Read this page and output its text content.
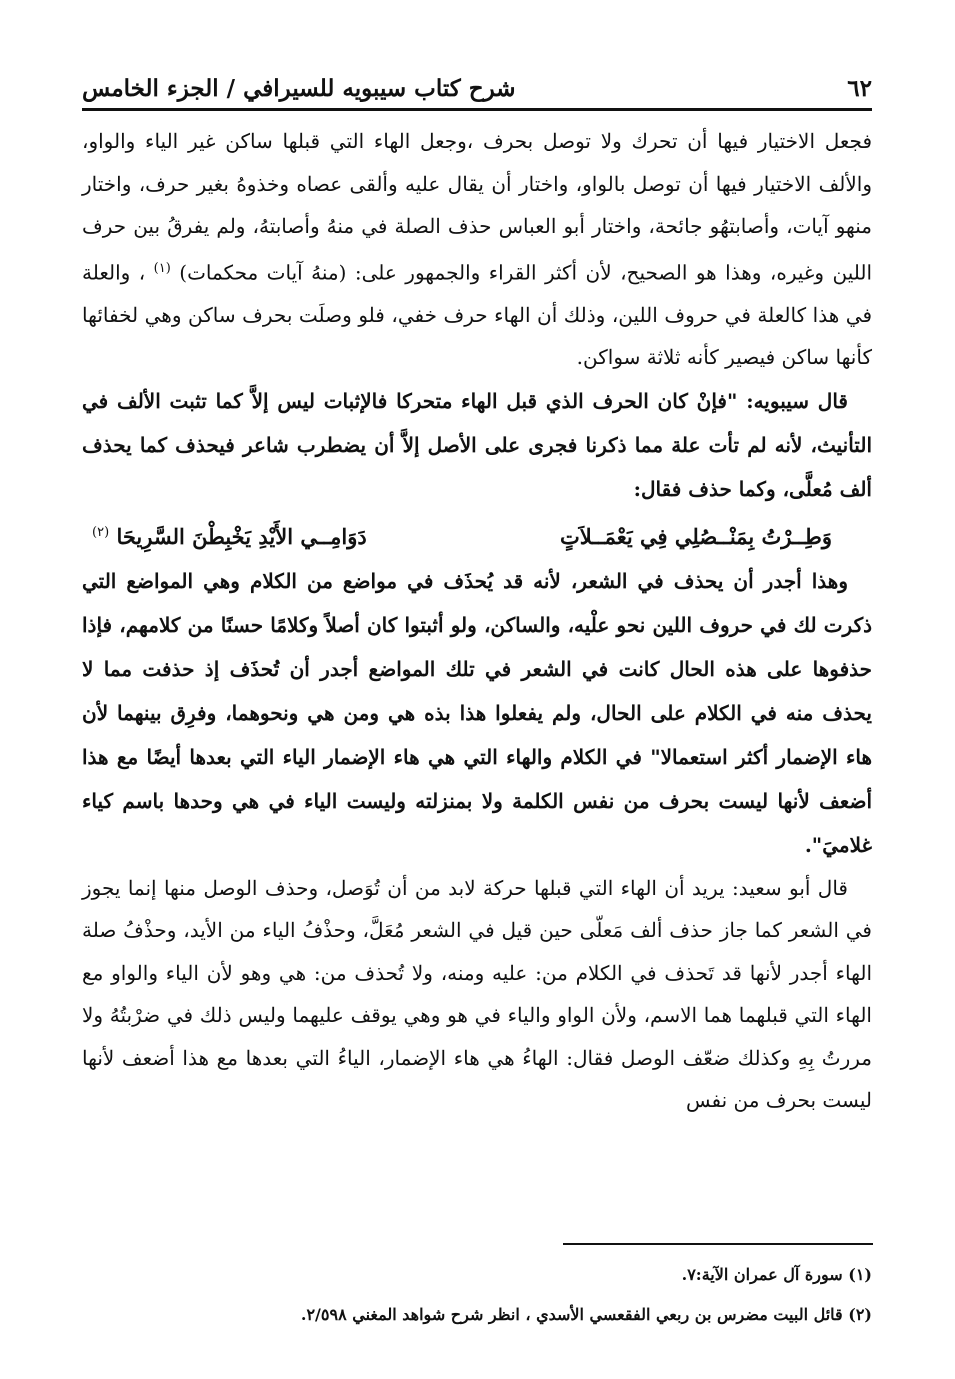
٦٢
شرح كتاب سيبويه للسيرافي / الجزء الخامس

فجعل الاختيار فيها أن تحرك ولا توصل بحرف ،وجعل الهاء التي قبلها ساكن غير الياء والواو، والألف الاختيار فيها أن توصل بالواو، واختار أن يقال عليه وألقى عصاه وخذوهُ بغير حرف، واختار منهو آيات، وأصابتهُو جائحة، واختار أبو العباس حذف الصلة في منهُ وأصابتهُ، ولم يفرقُ بين حرف اللين وغيره، وهذا هو الصحيح، لأن أكثر القراء والجمهور على: (منهُ آيات محكمات) $^{(١)}$ ، والعلة في هذا كالعلة في حروف اللين، وذلك أن الهاء حرف خفي، فلو وصلَت بحرف ساكن وهي لخفائها كأنها ساكن فيصير كأنه ثلاثة سواكن.

قال سيبويه: "فإنْ كان الحرف الذي قبل الهاء متحركا فالإثبات ليس إلاَّ كما تثبت الألف في التأنيث، لأنه لم تأت علة مما ذكرنا فجرى على الأصل إلاَّ أن يضطرب شاعر فيحذف كما يحذف ألف مُعلَّى، وكما حذف فقال:

وَطِــرْتُ بِمَنْــصُلِي فِي يَعْمَــلاَتٍ
دَوَامِــي الأَيْدِ يَخْبِطْنَ السَّرِيحَا $^{(٢)}$

وهذا أجدر أن يحذف في الشعر، لأنه قد يُحذَف في مواضع من الكلام وهي المواضع التي ذكرت لك في حروف اللين نحو علْيه، والساكن، ولو أثبتوا كان أصلاً وكلامًا حسنًا من كلامهم، فإذا حذفوها على هذه الحال كانت في الشعر في تلك المواضع أجدر أن تُحذَف إذ حذفت مما لا يحذف منه في الكلام على الحال، ولم يفعلوا هذا بذه هي ومن هي ونحوهما، وفرِق بينهما لأن هاء الإضمار أكثر استعمالا" في الكلام والهاء التي هي هاء الإضمار الياء التي بعدها أيضًا مع هذا أضعف لأنها ليست بحرف من نفس الكلمة ولا بمنزلته وليست الياء في هي وحدها باسم كياء غلاميَ".

قال أبو سعيد: يريد أن الهاء التي قبلها حركة لابد من أن تُوَصل، وحذف الوصل منها إنما يجوز في الشعر كما جاز حذف ألف مَعلّى حين قيل في الشعر مُعَلَّ، وحذْفُ الياء من الأيد، وحذْفُ صلة الهاء أجدر لأنها قد تَحذف في الكلام من: عليه ومنه، ولا تُحذف من: هي وهو لأن الياء والواو مع الهاء التي قبلهما هما الاسم، ولأن الواو والياء في هو وهي يوقف عليهما وليس ذلك في ضرْبتُهُ ولا مررتُ بِهِ وكذلك ضعّف الوصل فقال: الهاءُ هي هاء الإضمار، الياءُ التي بعدها مع هذا أضعف لأنها ليست بحرف من نفس

(١) سورة آل عمران الآية:٧.
(٢) قائل البيت مضرس بن ربعي الفقعسي الأسدي ، انظر شرح شواهد المغني ٢/٥٩٨.
